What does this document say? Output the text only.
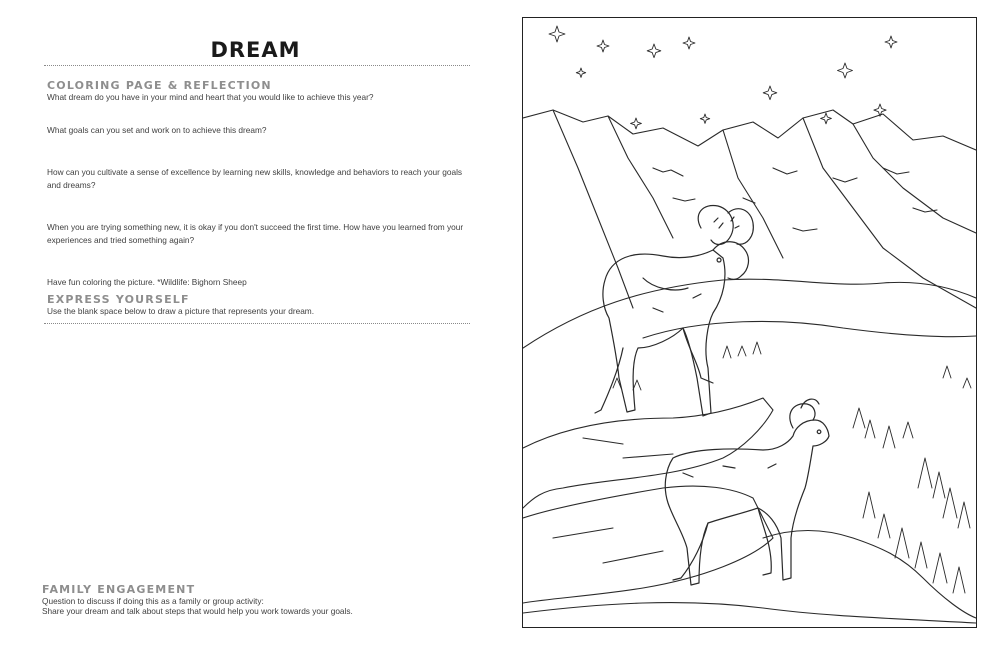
DREAM
COLORING PAGE & REFLECTION
What dream do you have in your mind and heart that you would like to achieve this year?
What goals can you set and work on to achieve this dream?
How can you cultivate a sense of excellence by learning new skills, knowledge and behaviors to reach your goals and dreams?
When you are trying something new, it is okay if you don't succeed the first time. How have you learned from your experiences and tried something again?
Have fun coloring the picture. *Wildlife: Bighorn Sheep
EXPRESS YOURSELF
Use the blank space below to draw a picture that represents your dream.
FAMILY ENGAGEMENT
Question to discuss if doing this as a family or group activity:
Share your dream and talk about steps that would help you work towards your goals.
